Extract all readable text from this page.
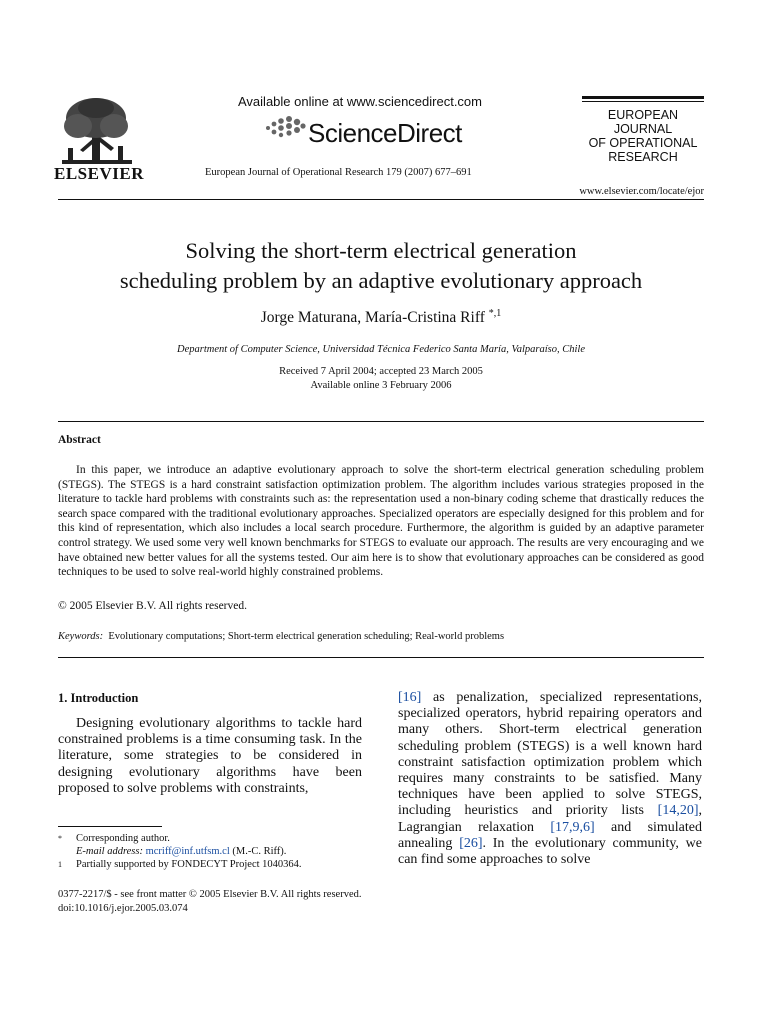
ELSEVIER
Available online at www.sciencedirect.com
ScienceDirect
European Journal of Operational Research 179 (2007) 677–691
EUROPEAN
JOURNAL
OF OPERATIONAL
RESEARCH
www.elsevier.com/locate/ejor
Solving the short-term electrical generation
scheduling problem by an adaptive evolutionary approach
Jorge Maturana, María-Cristina Riff $^{*,1}$
Department of Computer Science, Universidad Técnica Federico Santa María, Valparaíso, Chile
Received 7 April 2004; accepted 23 March 2005
Available online 3 February 2006
Abstract
In this paper, we introduce an adaptive evolutionary approach to solve the short-term electrical generation scheduling problem (STEGS). The STEGS is a hard constraint satisfaction optimization problem. The algorithm includes various strategies proposed in the literature to tackle hard problems with constraints such as: the representation used a non-binary coding scheme that drastically reduces the search space compared with the traditional evolutionary approaches. Specialized operators are especially designed for this problem and for this kind of representation, which also includes a local search procedure. Furthermore, the algorithm is guided by an adaptive parameter control strategy. We used some very well known benchmarks for STEGS to evaluate our approach. The results are very encouraging and we have obtained new better values for all the systems tested. Our aim here is to show that evolutionary approaches can be considered as good techniques to be used to solve real-world highly constrained problems.
© 2005 Elsevier B.V. All rights reserved.
Keywords: Evolutionary computations; Short-term electrical generation scheduling; Real-world problems
1. Introduction
Designing evolutionary algorithms to tackle hard constrained problems is a time consuming task. In the literature, some strategies to be considered in designing evolutionary algorithms have been proposed to solve problems with constraints,
[16] as penalization, specialized representations, specialized operators, hybrid repairing operators and many others. Short-term electrical generation scheduling problem (STEGS) is a well known hard constraint satisfaction optimization problem which requires many constraints to be satisfied. Many techniques have been applied to solve STEGS, including heuristics and priority lists [14,20], Lagrangian relaxation [17,9,6] and simulated annealing [26]. In the evolutionary community, we can find some approaches to solve
* Corresponding author.
E-mail address: mcriff@inf.utfsm.cl (M.-C. Riff).
1 Partially supported by FONDECYT Project 1040364.
0377-2217/$ - see front matter © 2005 Elsevier B.V. All rights reserved.
doi:10.1016/j.ejor.2005.03.074
